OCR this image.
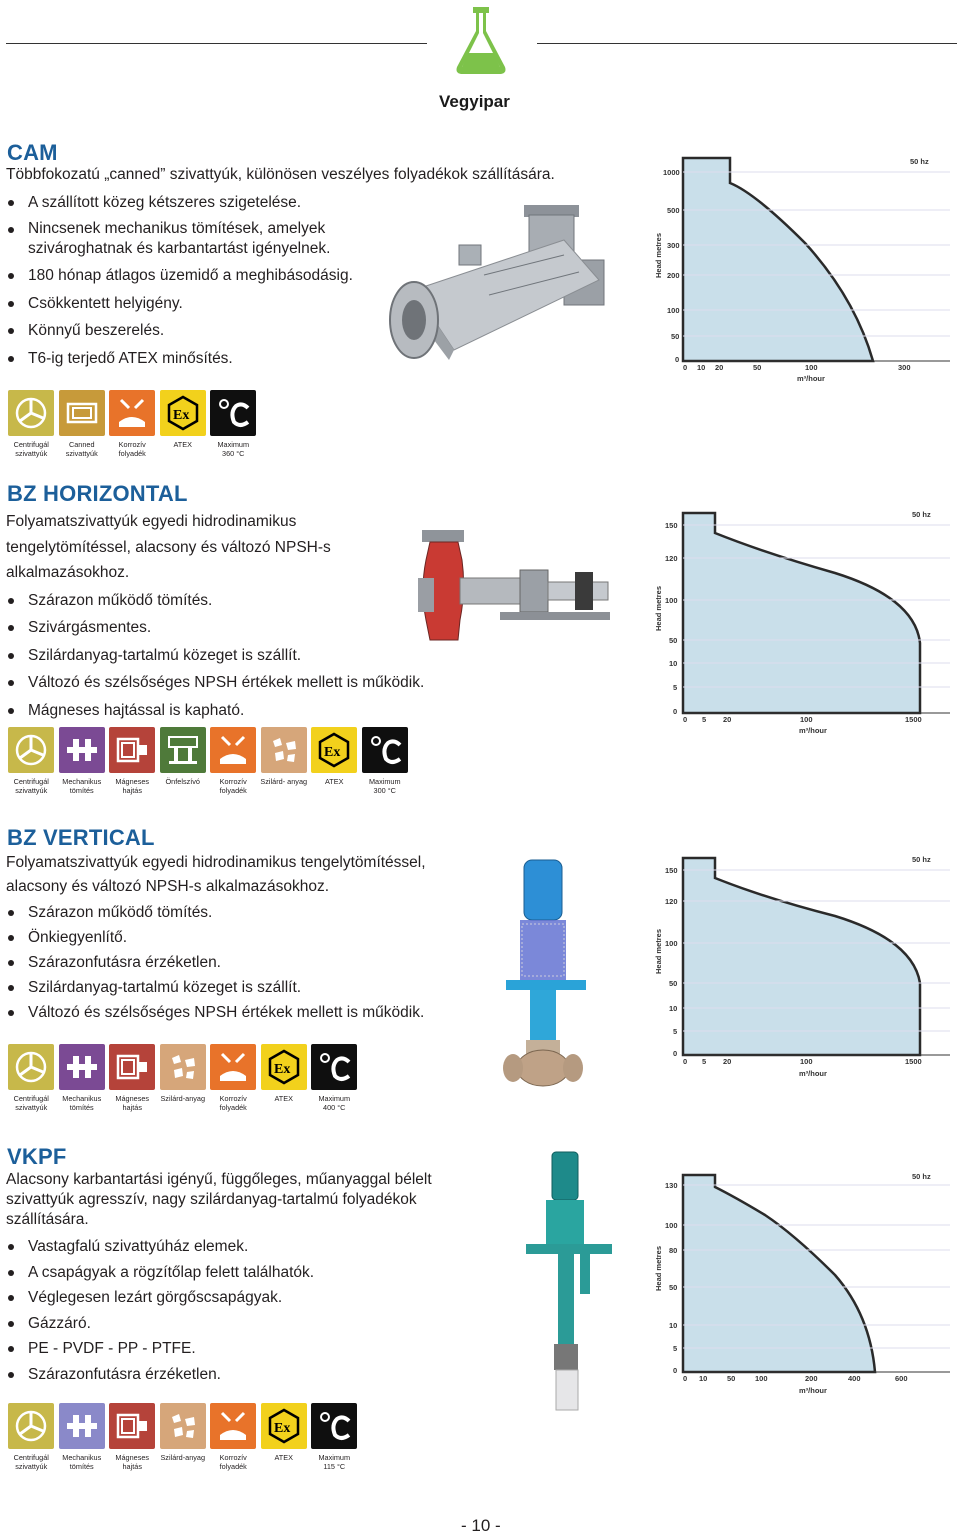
Vegyipar
CAM

Többfokozatú „canned” szivattyúk, különösen veszélyes folyadékok szállítására.

A szállított közeg kétszeres szigetelése.
Nincsenek mechanikus tömítések, amelyek
szivároghatnak és karbantartást igényelnek.
180 hónap átlagos üzemidő a meghibásodásig.
Csökkentett helyigény.
Könnyű beszerelés.
T6-ig terjedő ATEX minősítés.
50 hz
Head metres
m³/hour
1000
500
300
200
100
50
0
0 10 20	50	100	300
Centrifugál
szivattyúk
Canned
szivattyúk
Korrozív
folyadék
Ex
ATEX	Maximum
360 °C
BZ HORIZONTAL

Folyamatszivattyúk egyedi hidrodinamikus
tengelytömítéssel, alacsony és változó NPSH-s
alkalmazásokhoz.

Szárazon működő tömítés.
Szivárgásmentes.
Szilárdanyag-tartalmú közeget is szállít.
Változó és szélsőséges NPSH értékek mellett is működik.
Mágneses hajtással is kapható.
50 hz
Head metres
m³/hour
150
120
100
50
10
5
0
0 5 20	100	1500
Centrifugál
szivattyúk
Mechanikus
tömítés
Mágneses
hajtás
Önfelszívó	Korrozív
folyadék
Szilárd- anyag
Ex
ATEX	Maximum
300 °C
BZ VERTICAL

Folyamatszivattyúk egyedi hidrodinamikus tengelytömítéssel,
alacsony és változó NPSH-s alkalmazásokhoz.

Szárazon működő tömítés.
Önkiegyenlítő.
Szárazonfutásra érzéketlen.
Szilárdanyag-tartalmú közeget is szállít.
Változó és szélsőséges NPSH értékek mellett is működik.
50 hz
Head metres
m³/hour
150
120
100
50
10
5
0
0 5 20	100	1500
Centrifugál
szivattyúk
Mechanikus
tömítés
Mágneses
hajtás
Szilárd-anyag Korrozív
folyadék
Ex
ATEX	Maximum
400 °C
VKPF

Alacsony karbantartási igényű, függőleges, műanyaggal bélelt
szivattyúk agresszív, nagy szilárdanyag-tartalmú folyadékok
szállítására.

Vastagfalú szivattyúház elemek.
A csapágyak a rögzítőlap felett találhatók.
Véglegesen lezárt görgőscsapágyak.
Gázzáró.
PE - PVDF - PP - PTFE.
Szárazonfutásra érzéketlen.
50 hz
Head metres
m³/hour
130
100
80
50
10
5
0
0 10	50	100	200	400	600
Centrifugál
szivattyúk
Mechanikus
tömítés
Mágneses
hajtás
Szilárd-anyag Korrozív
folyadék
Ex
ATEX	Maximum
115 °C
- 10 -
